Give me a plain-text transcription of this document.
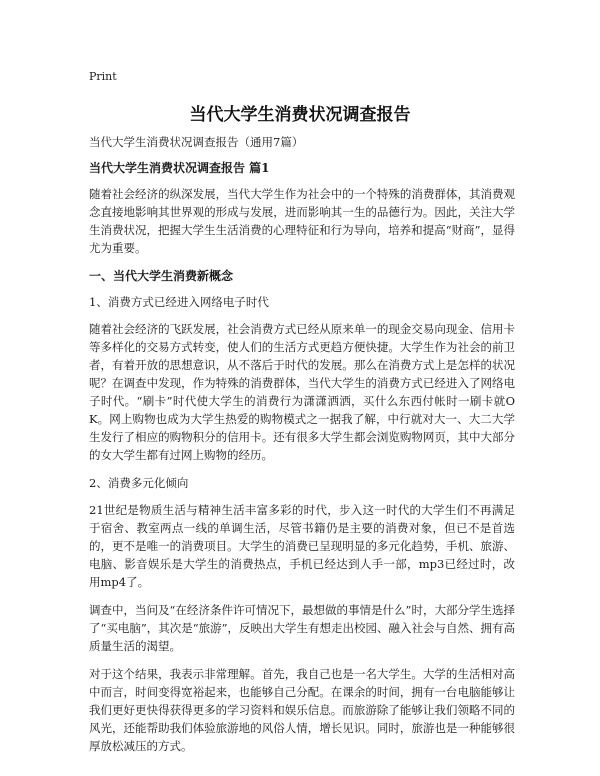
Print
当代大学生消费状况调查报告

当代大学生消费状况调查报告（通用7篇）

当代大学生消费状况调查报告 篇1

随着社会经济的纵深发展，当代大学生作为社会中的一个特殊的消费群体，其消费观念直接地影响其世界观的形成与发展，进而影响其一生的品德行为。因此，关注大学生消费状况，把握大学生生活消费的心理特征和行为导向，培养和提高“财商”，显得尤为重要。

一、当代大学生消费新概念

1、消费方式已经进入网络电子时代

随着社会经济的飞跃发展，社会消费方式已经从原来单一的现金交易向现金、信用卡等多样化的交易方式转变，使人们的生活方式更趋方便快捷。大学生作为社会的前卫者，有着开放的思想意识，从不落后于时代的发展。那么在消费方式上是怎样的状况呢？在调查中发现，作为特殊的消费群体，当代大学生的消费方式已经进入了网络电子时代。“刷卡”时代使大学生的消费行为潇潇洒洒，买什么东西付帐时一刷卡就OK。网上购物也成为大学生热爱的购物模式之一据我了解，中行就对大一、大二大学生发行了相应的购物积分的信用卡。还有很多大学生都会浏览购物网页，其中大部分的女大学生都有过网上购物的经历。

2、消费多元化倾向

21世纪是物质生活与精神生活丰富多彩的时代，步入这一时代的大学生们不再满足于宿舍、教室两点一线的单调生活，尽管书籍仍是主要的消费对象，但已不是首选的，更不是唯一的消费项目。大学生的消费已呈现明显的多元化趋势，手机、旅游、电脑、影音娱乐是大学生的消费热点，手机已经达到人手一部，mp3已经过时，改用mp4了。

调查中，当问及“在经济条件许可情况下，最想做的事情是什么”时，大部分学生选择了“买电脑”，其次是“旅游”，反映出大学生有想走出校园、融入社会与自然、拥有高质量生活的渴望。

对于这个结果，我表示非常理解。首先，我自己也是一名大学生。大学的生活相对高中而言，时间变得宽裕起来，也能够自己分配。在课余的时间，拥有一台电脑能够让我们更好更快得获得更多的学习资料和娱乐信息。而旅游除了能够让我们领略不同的风光，还能帮助我们体验旅游地的风俗人情，增长见识。同时，旅游也是一种能够很厚放松减压的方式。
